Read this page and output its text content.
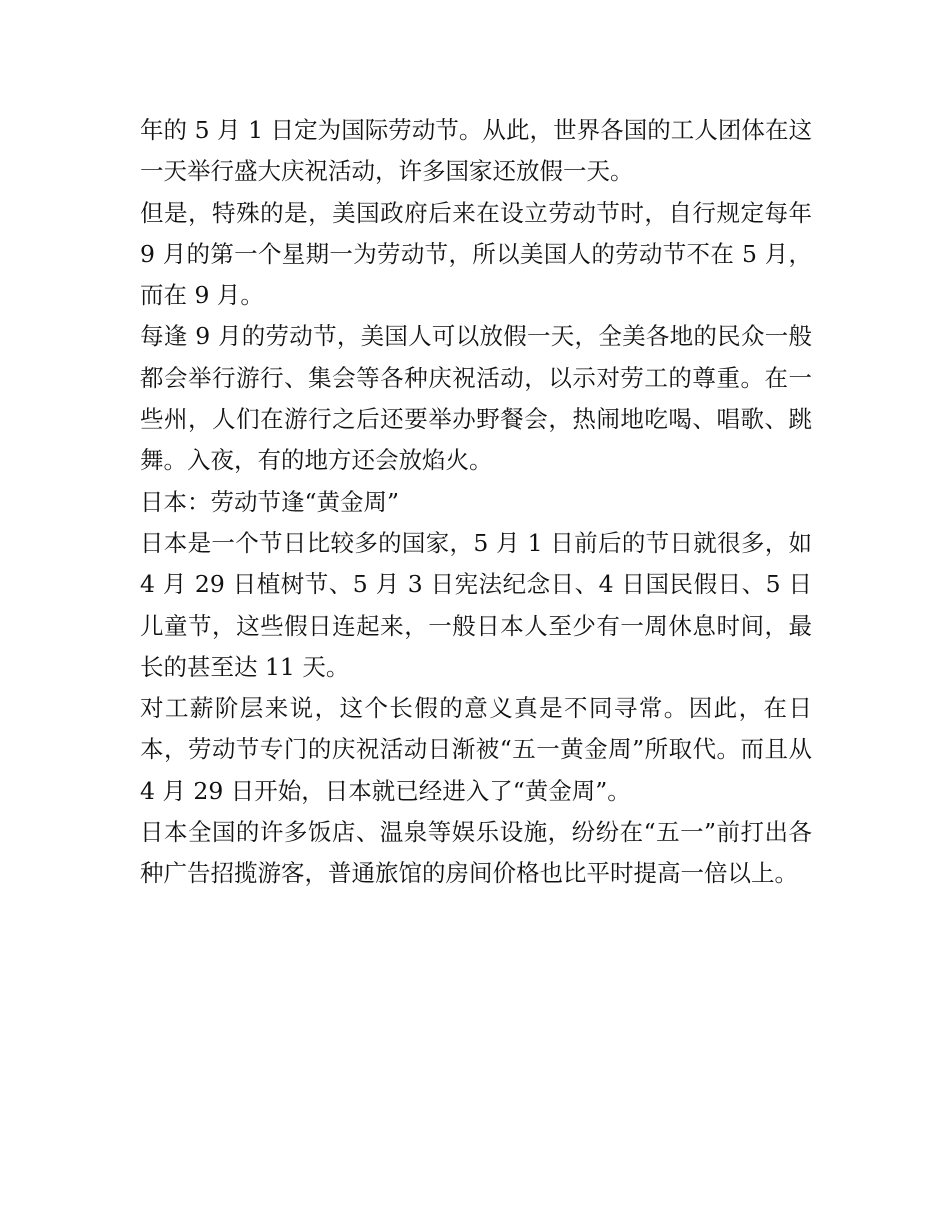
年的 5 月 1 日定为国际劳动节。从此，世界各国的工人团体在这一天举行盛大庆祝活动，许多国家还放假一天。

但是，特殊的是，美国政府后来在设立劳动节时，自行规定每年 9 月的第一个星期一为劳动节，所以美国人的劳动节不在 5 月，而在 9 月。

每逢 9 月的劳动节，美国人可以放假一天，全美各地的民众一般都会举行游行、集会等各种庆祝活动，以示对劳工的尊重。在一些州，人们在游行之后还要举办野餐会，热闹地吃喝、唱歌、跳舞。入夜，有的地方还会放焰火。

日本：劳动节逢“黄金周”

日本是一个节日比较多的国家，5 月 1 日前后的节日就很多，如 4 月 29 日植树节、5 月 3 日宪法纪念日、4 日国民假日、5 日儿童节，这些假日连起来，一般日本人至少有一周休息时间，最长的甚至达 11 天。

对工薪阶层来说，这个长假的意义真是不同寻常。因此，在日本，劳动节专门的庆祝活动日渐被“五一黄金周”所取代。而且从 4 月 29 日开始，日本就已经进入了“黄金周”。

日本全国的许多饭店、温泉等娱乐设施，纷纷在“五一”前打出各种广告招揽游客，普通旅馆的房间价格也比平时提高一倍以上。
